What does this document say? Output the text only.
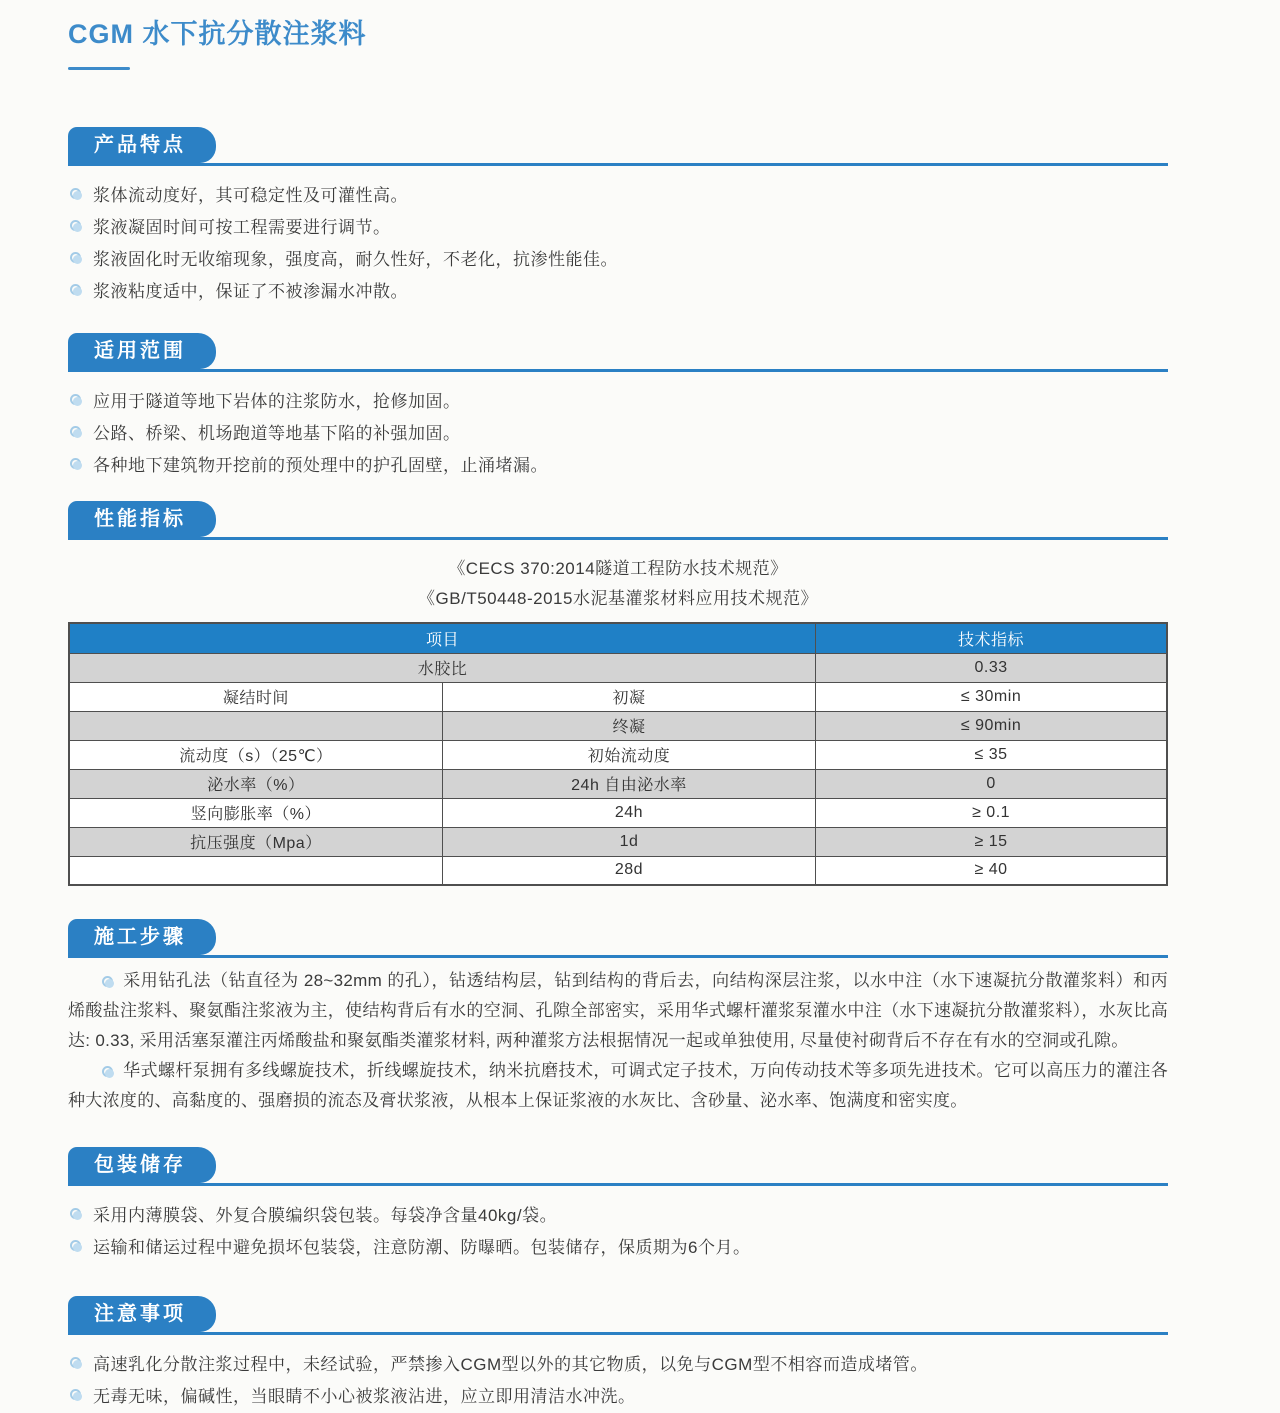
CGM 水下抗分散注浆料
产品特点
浆体流动度好，其可稳定性及可灌性高。
浆液凝固时间可按工程需要进行调节。
浆液固化时无收缩现象，强度高，耐久性好，不老化，抗渗性能佳。
浆液粘度适中，保证了不被渗漏水冲散。
适用范围
应用于隧道等地下岩体的注浆防水，抢修加固。
公路、桥梁、机场跑道等地基下陷的补强加固。
各种地下建筑物开挖前的预处理中的护孔固壁，止涌堵漏。
性能指标
《CECS 370:2014隧道工程防水技术规范》
《GB/T50448-2015水泥基灌浆材料应用技术规范》
项目		技术指标
水胶比		0.33
凝结时间	初凝	≤ 30min
	终凝	≤ 90min
流动度（s）（25℃）	初始流动度	≤ 35
泌水率（%）	24h 自由泌水率	0
竖向膨胀率（%）	24h	≥ 0.1
抗压强度（Mpa）	1d	≥ 15
	28d	≥ 40
施工步骤

采用钻孔法（钻直径为 28~32mm 的孔），钻透结构层，钻到结构的背后去，向结构深层注浆，以水中注（水下速凝抗分散灌浆料）和丙烯酸盐注浆料、聚氨酯注浆液为主，使结构背后有水的空洞、孔隙全部密实，采用华式螺杆灌浆泵灌水中注（水下速凝抗分散灌浆料），水灰比高达: 0.33, 采用活塞泵灌注丙烯酸盐和聚氨酯类灌浆材料, 两种灌浆方法根据情况一起或单独使用, 尽量使衬砌背后不存在有水的空洞或孔隙。

华式螺杆泵拥有多线螺旋技术，折线螺旋技术，纳米抗磨技术，可调式定子技术，万向传动技术等多项先进技术。它可以高压力的灌注各种大浓度的、高黏度的、强磨损的流态及膏状浆液，从根本上保证浆液的水灰比、含砂量、泌水率、饱满度和密实度。

包装储存
采用内薄膜袋、外复合膜编织袋包装。每袋净含量40kg/袋。
运输和储运过程中避免损坏包装袋，注意防潮、防曝晒。包装储存，保质期为6个月。
注意事项
高速乳化分散注浆过程中，未经试验，严禁掺入CGM型以外的其它物质，以免与CGM型不相容而造成堵管。
无毒无味，偏碱性，当眼睛不小心被浆液沾进，应立即用清洁水冲洗。
